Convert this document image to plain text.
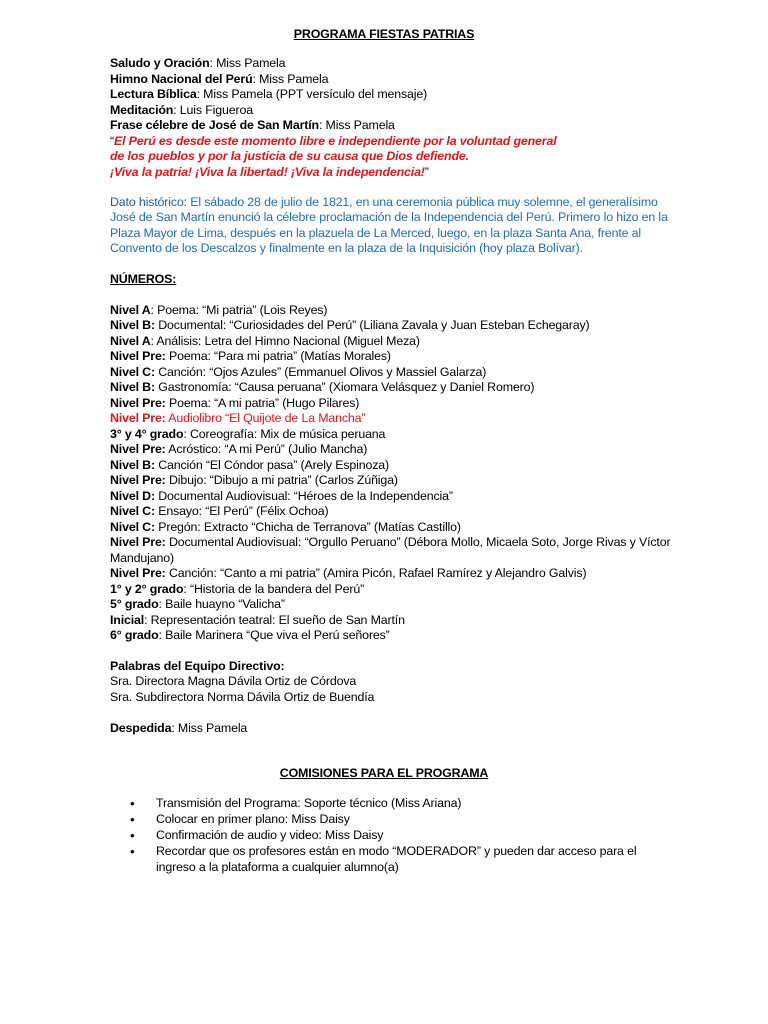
PROGRAMA FIESTAS PATRIAS
Saludo y Oración: Miss Pamela
Himno Nacional del Perú: Miss Pamela
Lectura Bíblica: Miss Pamela (PPT versículo del mensaje)
Meditación: Luis Figueroa
Frase célebre de José de San Martín: Miss Pamela
“El Perú es desde este momento libre e independiente por la voluntad general
de los pueblos y por la justicia de su causa que Dios defiende.
¡Viva la patria! ¡Viva la libertad! ¡Viva la independencia!”
Dato histórico: El sábado 28 de julio de 1821, en una ceremonia pública muy solemne, el generalísimo
José de San Martín enunció la célebre proclamación de la Independencia del Perú. Primero lo hizo en la
Plaza Mayor de Lima, después en la plazuela de La Merced, luego, en la plaza Santa Ana, frente al
Convento de los Descalzos y finalmente en la plaza de la Inquisición (hoy plaza Bolívar).
NÚMEROS:
Nivel A: Poema: “Mi patria” (Lois Reyes)
Nivel B: Documental: “Curiosidades del Perú” (Liliana Zavala y Juan Esteban Echegaray)
Nivel A: Análisis: Letra del Himno Nacional (Miguel Meza)
Nivel Pre: Poema: “Para mi patria” (Matías Morales)
Nivel C: Canción: “Ojos Azules” (Emmanuel Olivos y Massiel Galarza)
Nivel B: Gastronomía: “Causa peruana” (Xiomara Velásquez y Daniel Romero)
Nivel Pre: Poema: “A mi patria” (Hugo Pilares)
Nivel Pre: Audiolibro “El Quijote de La Mancha”
3° y 4° grado: Coreografía: Mix de música peruana
Nivel Pre: Acróstico: “A mi Perú” (Julio Mancha)
Nivel B: Canción “El Cóndor pasa” (Arely Espinoza)
Nivel Pre: Dibujo: “Dibujo a mi patria” (Carlos Zúñiga)
Nivel D: Documental Audiovisual: “Héroes de la Independencia”
Nivel C: Ensayo: “El Perú” (Félix Ochoa)
Nivel C: Pregón: Extracto “Chicha de Terranova” (Matías Castillo)
Nivel Pre: Documental Audiovisual: “Orgullo Peruano” (Débora Mollo, Micaela Soto, Jorge Rivas y Víctor
Mandujano)
Nivel Pre: Canción: “Canto a mi patria” (Amira Picón, Rafael Ramírez y Alejandro Galvis)
1° y 2° grado: “Historia de la bandera del Perú”
5° grado: Baile huayno “Valicha”
Inicial: Representación teatral: El sueño de San Martín
6° grado: Baile Marinera “Que viva el Perú señores”
Palabras del Equipo Directivo:
Sra. Directora Magna Dávila Ortiz de Córdova
Sra. Subdirectora Norma Dávila Ortiz de Buendía
Despedida: Miss Pamela
COMISIONES PARA EL PROGRAMA
• Transmisión del Programa: Soporte técnico (Miss Ariana)
• Colocar en primer plano: Miss Daisy
• Confirmación de audio y video: Miss Daisy
• Recordar que os profesores están en modo “MODERADOR” y pueden dar acceso para el ingreso a la plataforma a cualquier alumno(a)
